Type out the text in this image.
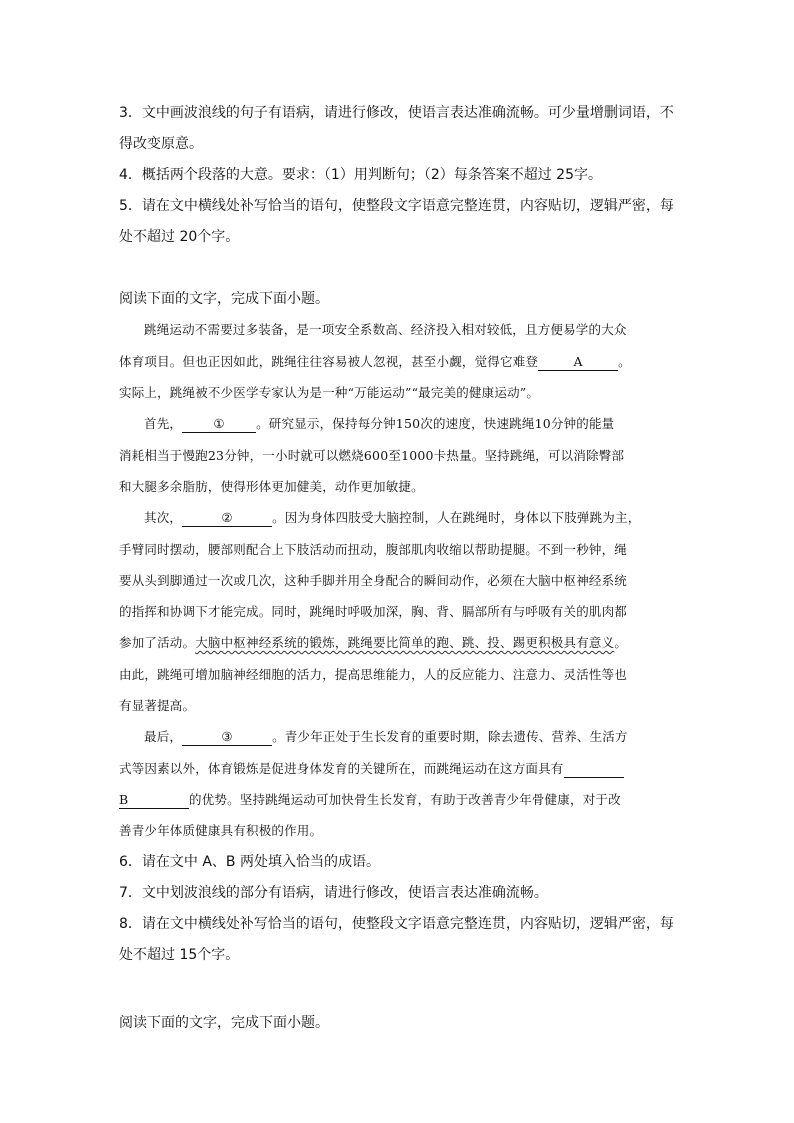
3．文中画波浪线的句子有语病，请进行修改，使语言表达准确流畅。可少量增删词语，不
得改变原意。
4．概括两个段落的大意。要求：（1）用判断句；（2）每条答案不超过 25字。
5．请在文中横线处补写恰当的语句，使整段文字语意完整连贯，内容贴切，逻辑严密，每
处不超过 20个字。
阅读下面的文字，完成下面小题。
跳绳运动不需要过多装备，是一项安全系数高、经济投入相对较低，且方便易学的大众
体育项目。但也正因如此，跳绳往往容易被人忽视，甚至小觑，觉得它难登	A	。
实际上，跳绳被不少医学专家认为是一种“万能运动”“最完美的健康运动”。
首先，	①	。研究显示，保持每分钟150次的速度，快速跳绳10分钟的能量
消耗相当于慢跑23分钟，一小时就可以燃烧600至1000卡热量。坚持跳绳，可以消除臀部
和大腿多余脂肪，使得形体更加健美，动作更加敏捷。
其次，	②	。因为身体四肢受大脑控制，人在跳绳时，身体以下肢弹跳为主，
手臂同时摆动，腰部则配合上下肢活动而扭动，腹部肌肉收缩以帮助提腿。不到一秒钟，绳
要从头到脚通过一次或几次，这种手脚并用全身配合的瞬间动作，必须在大脑中枢神经系统
的指挥和协调下才能完成。同时，跳绳时呼吸加深，胸、背、膈部所有与呼吸有关的肌肉都
参加了活动。大脑中枢神经系统的锻炼，跳绳要比简单的跑、跳、投、踢更积极具有意义。
由此，跳绳可增加脑神经细胞的活力，提高思维能力，人的反应能力、注意力、灵活性等也
有显著提高。
最后，	③	。青少年正处于生长发育的重要时期，除去遗传、营养、生活方
式等因素以外，体育锻炼是促进身体发育的关键所在，而跳绳运动在这方面具有
B	的优势。坚持跳绳运动可加快骨生长发育，有助于改善青少年骨健康，对于改
善青少年体质健康具有积极的作用。
6．请在文中 A、B 两处填入恰当的成语。
7．文中划波浪线的部分有语病，请进行修改，使语言表达准确流畅。
8．请在文中横线处补写恰当的语句，使整段文字语意完整连贯，内容贴切，逻辑严密，每
处不超过 15个字。
阅读下面的文字，完成下面小题。
